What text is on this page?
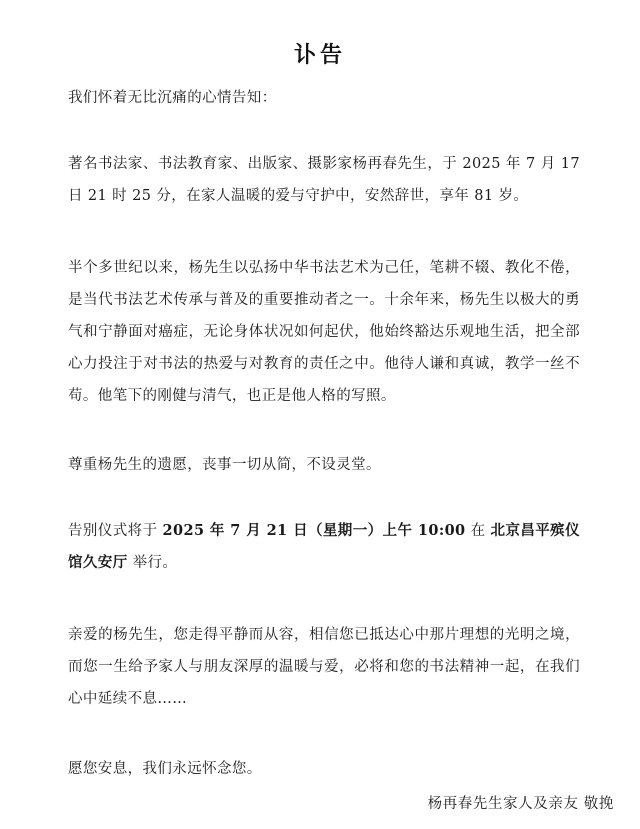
讣告
我们怀着无比沉痛的心情告知：
著名书法家、书法教育家、出版家、摄影家杨再春先生，于 2025 年 7 月 17 日 21 时 25 分，在家人温暖的爱与守护中，安然辞世，享年 81 岁。
半个多世纪以来，杨先生以弘扬中华书法艺术为己任，笔耕不辍、教化不倦，是当代书法艺术传承与普及的重要推动者之一。十余年来，杨先生以极大的勇气和宁静面对癌症，无论身体状况如何起伏，他始终豁达乐观地生活，把全部心力投注于对书法的热爱与对教育的责任之中。他待人谦和真诚，教学一丝不苟。他笔下的刚健与清气，也正是他人格的写照。
尊重杨先生的遗愿，丧事一切从简，不设灵堂。
告别仪式将于 2025 年 7 月 21 日（星期一）上午 10:00 在 北京昌平殡仪馆久安厅 举行。
亲爱的杨先生，您走得平静而从容，相信您已抵达心中那片理想的光明之境，而您一生给予家人与朋友深厚的温暖与爱，必将和您的书法精神一起，在我们心中延续不息……
愿您安息，我们永远怀念您。
杨再春先生家人及亲友 敬挽
